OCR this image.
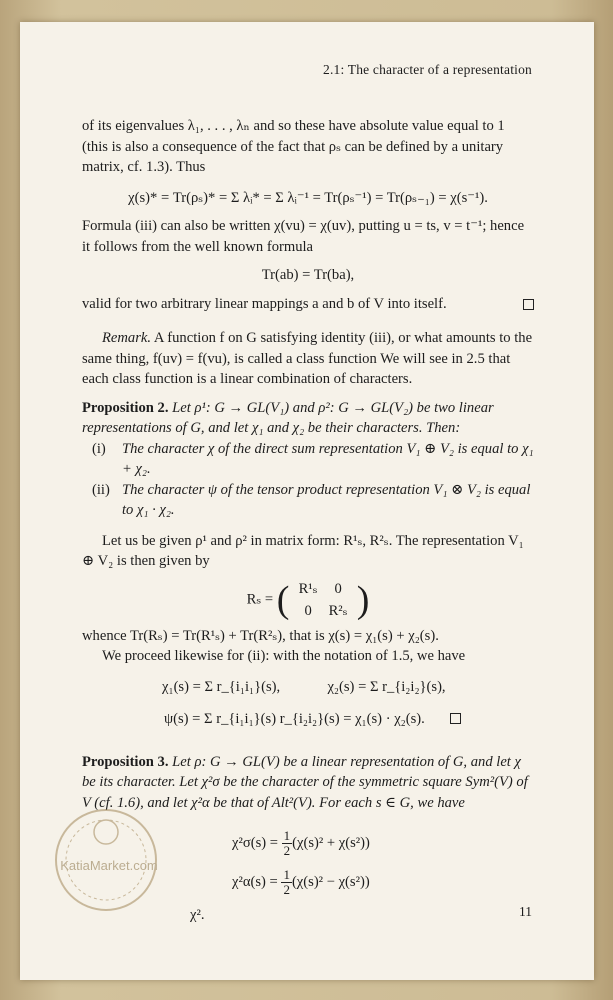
2.1: The character of a representation

of its eigenvalues λ₁, . . . , λₙ and so these have absolute value equal to 1 (this is also a consequence of the fact that ρₛ can be defined by a unitary matrix, cf. 1.3). Thus

χ(s)* = Tr(ρₛ)* = Σ λᵢ* = Σ λᵢ⁻¹ = Tr(ρₛ⁻¹) = Tr(ρₛ₋₁) = χ(s⁻¹).

Formula (iii) can also be written χ(vu) = χ(uv), putting u = ts, v = t⁻¹; hence it follows from the well known formula

Tr(ab) = Tr(ba),

valid for two arbitrary linear mappings a and b of V into itself.

Remark. A function f on G satisfying identity (iii), or what amounts to the same thing, f(uv) = f(vu), is called a class function We will see in 2.5 that each class function is a linear combination of characters.

Proposition 2. Let ρ¹: G → GL(V₁) and ρ²: G → GL(V₂) be two linear representations of G, and let χ₁ and χ₂ be their characters. Then:

(i) The character χ of the direct sum representation V₁ ⊕ V₂ is equal to χ₁ + χ₂.

(ii) The character ψ of the tensor product representation V₁ ⊗ V₂ is equal to χ₁ · χ₂.

Let us be given ρ¹ and ρ² in matrix form: R¹ₛ, R²ₛ. The representation V₁ ⊕ V₂ is then given by

Rₛ = ( R¹ₛ 0
0 R²ₛ )

whence Tr(Rₛ) = Tr(R¹ₛ) + Tr(R²ₛ), that is χ(s) = χ₁(s) + χ₂(s).

We proceed likewise for (ii): with the notation of 1.5, we have

χ₁(s) = Σ r_{i₁i₁}(s),	χ₂(s) = Σ r_{i₂i₂}(s),

ψ(s) = Σ r_{i₁i₁}(s) r_{i₂i₂}(s) = χ₁(s) · χ₂(s).

Proposition 3. Let ρ: G → GL(V) be a linear representation of G, and let χ be its character. Let χ²σ be the character of the symmetric square Sym²(V) of V (cf. 1.6), and let χ²α be that of Alt²(V). For each s ∈ G, we have

$\chi^2\sigma(s) = \frac{1}{2} (\chi(s)^2 + \chi(s^2))$

$\chi^2\alpha(s) = \frac{1}{2} (\chi(s)^2 - \chi(s^2))$

χ².	11
KatiaMarket.com
